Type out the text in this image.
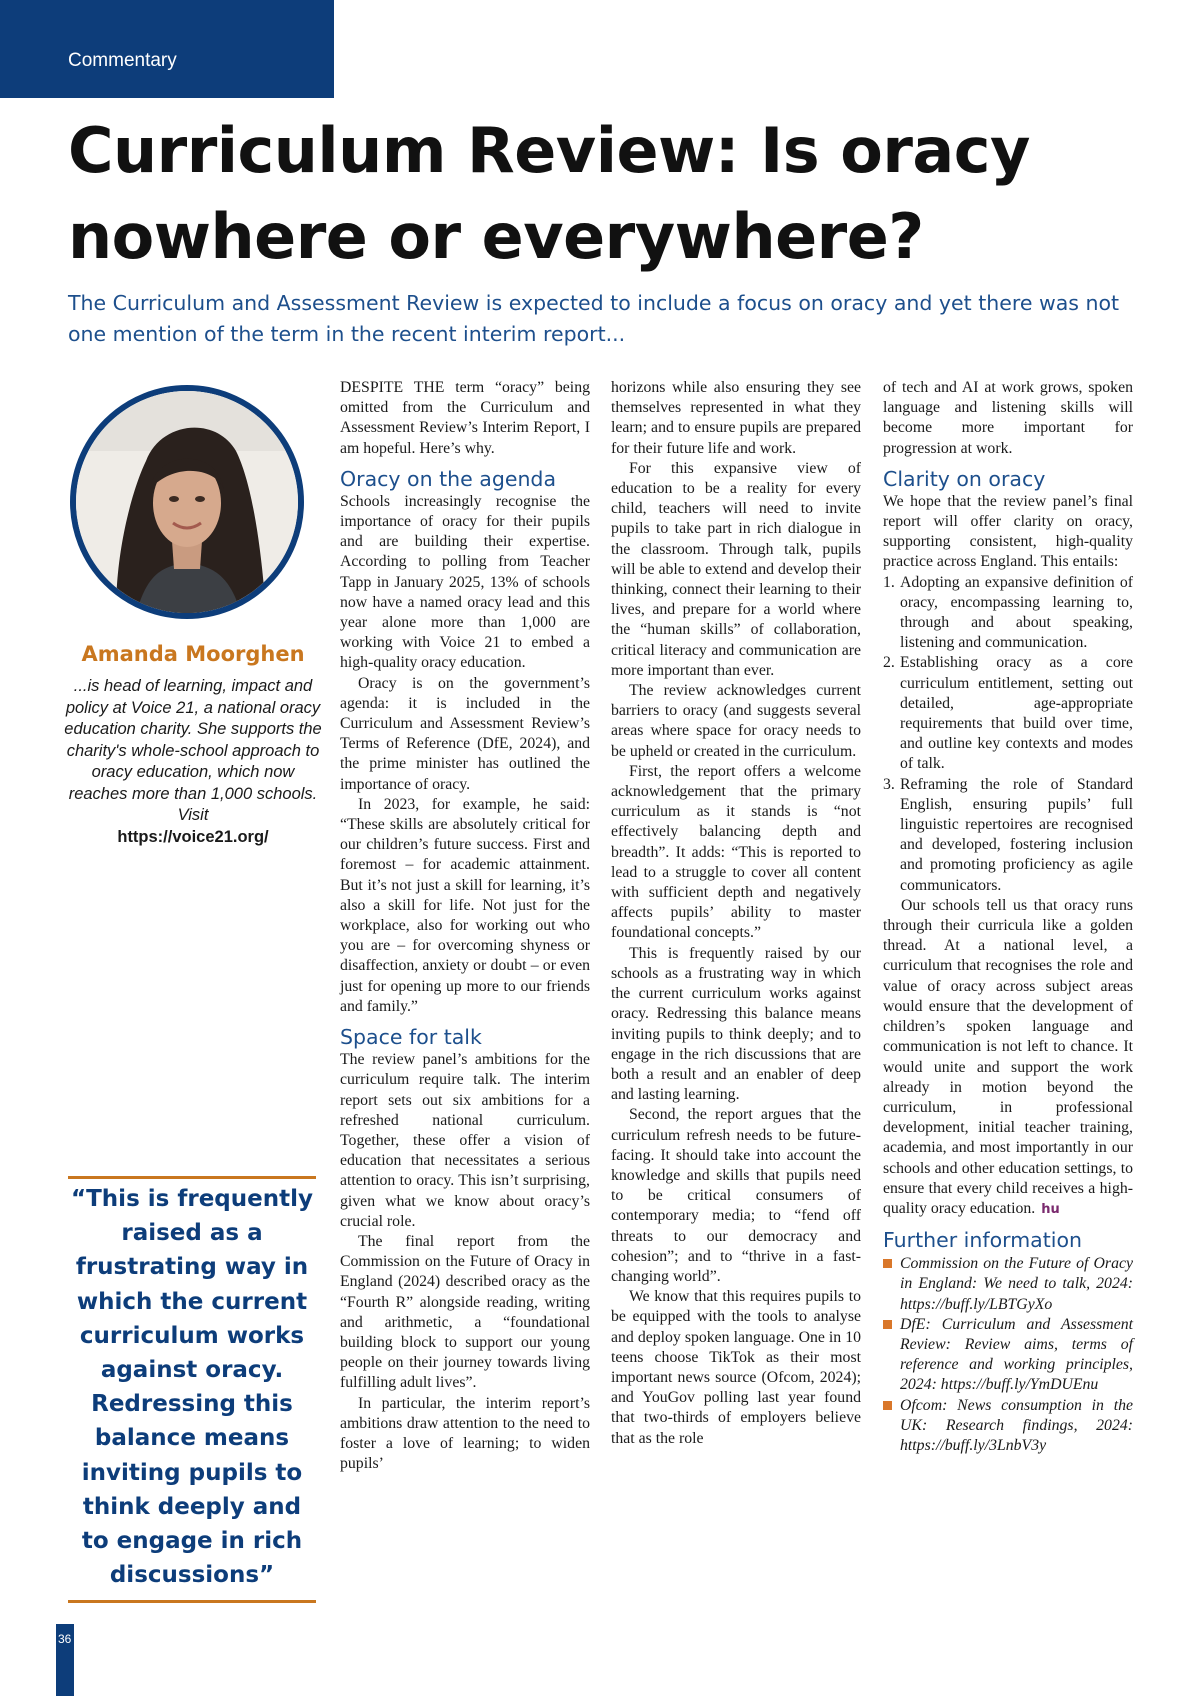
Commentary
Curriculum Review: Is oracy nowhere or everywhere?

The Curriculum and Assessment Review is expected to include a focus on oracy and yet there was not one mention of the term in the recent interim report...

Amanda Moorghen

...is head of learning, impact and policy at Voice 21, a national oracy education charity. She supports the charity's whole-school approach to oracy education, which now reaches more than 1,000 schools. Visit
https://voice21.org/

“This is frequently raised as a frustrating way in which the current curriculum works against oracy. Redressing this balance means inviting pupils to think deeply and to engage in rich discussions”

DESPITE THE term “oracy” being omitted from the Curriculum and Assessment Review’s Interim Report, I am hopeful. Here’s why.

Oracy on the agenda

Schools increasingly recognise the importance of oracy for their pupils and are building their expertise. According to polling from Teacher Tapp in January 2025, 13% of schools now have a named oracy lead and this year alone more than 1,000 are working with Voice 21 to embed a high-quality oracy education.

Oracy is on the government’s agenda: it is included in the Curriculum and Assessment Review’s Terms of Reference (DfE, 2024), and the prime minister has outlined the importance of oracy.

In 2023, for example, he said: “These skills are absolutely critical for our children’s future success. First and foremost – for academic attainment. But it’s not just a skill for learning, it’s also a skill for life. Not just for the workplace, also for working out who you are – for overcoming shyness or disaffection, anxiety or doubt – or even just for opening up more to our friends and family.”

Space for talk

The review panel’s ambitions for the curriculum require talk. The interim report sets out six ambitions for a refreshed national curriculum. Together, these offer a vision of education that necessitates a serious attention to oracy. This isn’t surprising, given what we know about oracy’s crucial role.

The final report from the Commission on the Future of Oracy in England (2024) described oracy as the “Fourth R” alongside reading, writing and arithmetic, a “foundational building block to support our young people on their journey towards living fulfilling adult lives”.

In particular, the interim report’s ambitions draw attention to the need to foster a love of learning; to widen pupils’

horizons while also ensuring they see themselves represented in what they learn; and to ensure pupils are prepared for their future life and work.

For this expansive view of education to be a reality for every child, teachers will need to invite pupils to take part in rich dialogue in the classroom. Through talk, pupils will be able to extend and develop their thinking, connect their learning to their lives, and prepare for a world where the “human skills” of collaboration, critical literacy and communication are more important than ever.

The review acknowledges current barriers to oracy (and suggests several areas where space for oracy needs to be upheld or created in the curriculum.

First, the report offers a welcome acknowledgement that the primary curriculum as it stands is “not effectively balancing depth and breadth”. It adds: “This is reported to lead to a struggle to cover all content with sufficient depth and negatively affects pupils’ ability to master foundational concepts.”

This is frequently raised by our schools as a frustrating way in which the current curriculum works against oracy. Redressing this balance means inviting pupils to think deeply; and to engage in the rich discussions that are both a result and an enabler of deep and lasting learning.

Second, the report argues that the curriculum refresh needs to be future-facing. It should take into account the knowledge and skills that pupils need to be critical consumers of contemporary media; to “fend off threats to our democracy and cohesion”; and to “thrive in a fast-changing world”.

We know that this requires pupils to be equipped with the tools to analyse and deploy spoken language. One in 10 teens choose TikTok as their most important news source (Ofcom, 2024); and YouGov polling last year found that two-thirds of employers believe that as the role

of tech and AI at work grows, spoken language and listening skills will become more important for progression at work.

Clarity on oracy

We hope that the review panel’s final report will offer clarity on oracy, supporting consistent, high-quality practice across England. This entails:

1. Adopting an expansive definition of oracy, encompassing learning to, through and about speaking, listening and communication.
2. Establishing oracy as a core curriculum entitlement, setting out detailed, age-appropriate requirements that build over time, and outline key contexts and modes of talk.
3. Reframing the role of Standard English, ensuring pupils’ full linguistic repertoires are recognised and developed, fostering inclusion and promoting proficiency as agile communicators.

Our schools tell us that oracy runs through their curricula like a golden thread. At a national level, a curriculum that recognises the role and value of oracy across subject areas would ensure that the development of children’s spoken language and communication is not left to chance. It would unite and support the work already in motion beyond the curriculum, in professional development, initial teacher training, academia, and most importantly in our schools and other education settings, to ensure that every child receives a high-quality oracy education. hu

Further information
Commission on the Future of Oracy in England: We need to talk, 2024: https://buff.ly/LBTGyXo
DfE: Curriculum and Assessment Review: Review aims, terms of reference and working principles, 2024: https://buff.ly/YmDUEnu
Ofcom: News consumption in the UK: Research findings, 2024: https://buff.ly/3LnbV3y
36
